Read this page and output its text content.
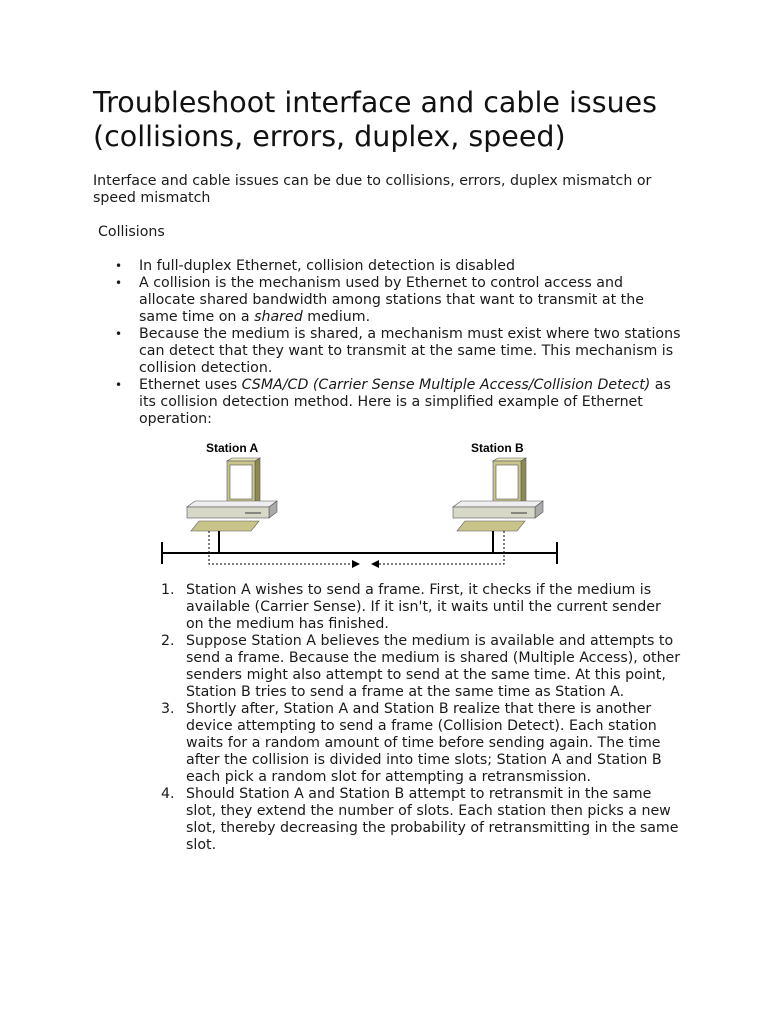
Troubleshoot interface and cable issues (collisions, errors, duplex, speed)

Interface and cable issues can be due to collisions, errors, duplex mismatch or speed mismatch

Collisions

• In full-duplex Ethernet, collision detection is disabled
• A collision is the mechanism used by Ethernet to control access and allocate shared bandwidth among stations that want to transmit at the same time on a shared medium.
• Because the medium is shared, a mechanism must exist where two stations can detect that they want to transmit at the same time. This mechanism is collision detection.
• Ethernet uses CSMA/CD (Carrier Sense Multiple Access/Collision Detect) as its collision detection method. Here is a simplified example of Ethernet operation:
Station A	Station B
1. Station A wishes to send a frame. First, it checks if the medium is available (Carrier Sense). If it isn't, it waits until the current sender on the medium has finished.
2. Suppose Station A believes the medium is available and attempts to send a frame. Because the medium is shared (Multiple Access), other senders might also attempt to send at the same time. At this point, Station B tries to send a frame at the same time as Station A.
3. Shortly after, Station A and Station B realize that there is another device attempting to send a frame (Collision Detect). Each station waits for a random amount of time before sending again. The time after the collision is divided into time slots; Station A and Station B each pick a random slot for attempting a retransmission.
4. Should Station A and Station B attempt to retransmit in the same slot, they extend the number of slots. Each station then picks a new slot, thereby decreasing the probability of retransmitting in the same slot.
